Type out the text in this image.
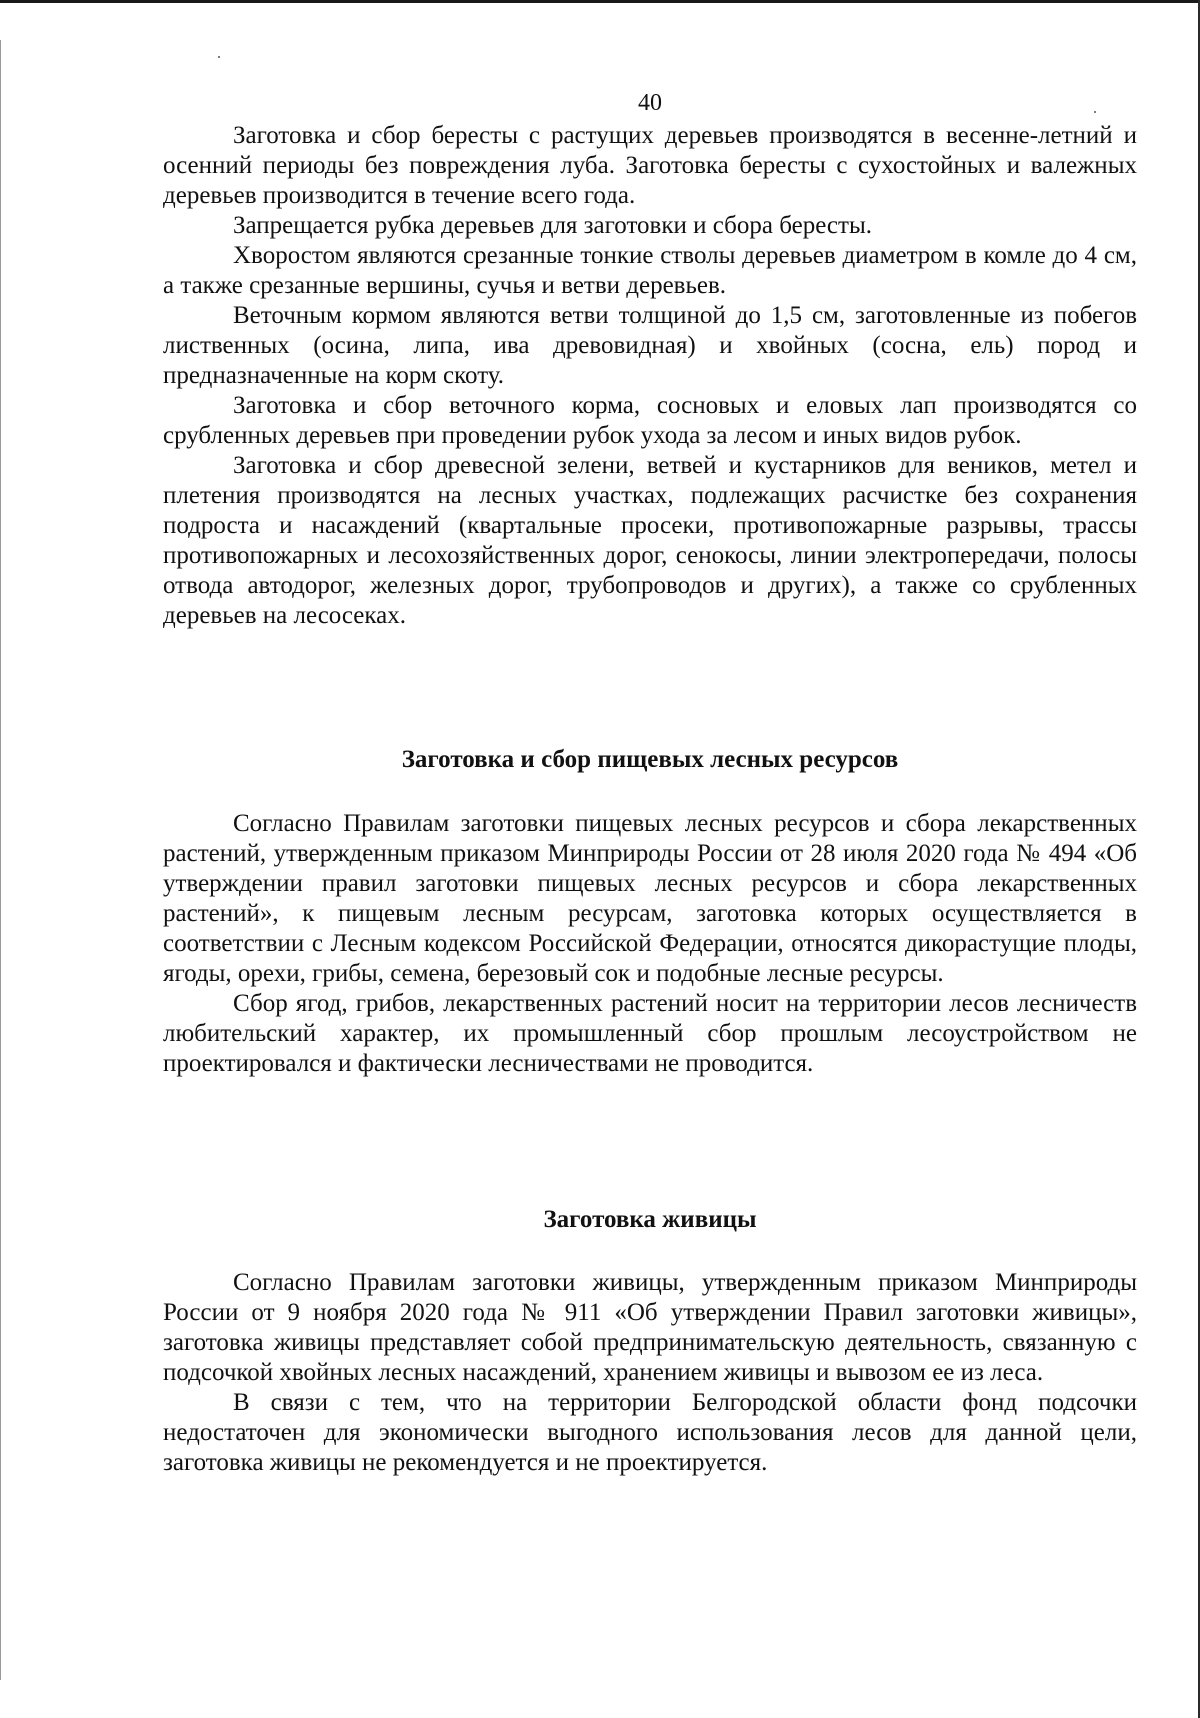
40

Заготовка и сбор бересты с растущих деревьев производятся в весенне-летний и осенний периоды без повреждения луба. Заготовка бересты с сухостойных и валежных деревьев производится в течение всего года.

Запрещается рубка деревьев для заготовки и сбора бересты.

Хворостом являются срезанные тонкие стволы деревьев диаметром в комле до 4 см, а также срезанные вершины, сучья и ветви деревьев.

Веточным кормом являются ветви толщиной до 1,5 см, заготовленные из побегов лиственных (осина, липа, ива древовидная) и хвойных (сосна, ель) пород и предназначенные на корм скоту.

Заготовка и сбор веточного корма, сосновых и еловых лап производятся со срубленных деревьев при проведении рубок ухода за лесом и иных видов рубок.

Заготовка и сбор древесной зелени, ветвей и кустарников для веников, метел и плетения производятся на лесных участках, подлежащих расчистке без сохранения подроста и насаждений (квартальные просеки, противопожарные разрывы, трассы противопожарных и лесохозяйственных дорог, сенокосы, линии электропередачи, полосы отвода автодорог, железных дорог, трубопроводов и других), а также со срубленных деревьев на лесосеках.

Заготовка и сбор пищевых лесных ресурсов

Согласно Правилам заготовки пищевых лесных ресурсов и сбора лекарственных растений, утвержденным приказом Минприроды России от 28 июля 2020 года № 494 «Об утверждении правил заготовки пищевых лесных ресурсов и сбора лекарственных растений», к пищевым лесным ресурсам, заготовка которых осуществляется в соответствии с Лесным кодексом Российской Федерации, относятся дикорастущие плоды, ягоды, орехи, грибы, семена, березовый сок и подобные лесные ресурсы.

Сбор ягод, грибов, лекарственных растений носит на территории лесов лесничеств любительский характер, их промышленный сбор прошлым лесоустройством не проектировался и фактически лесничествами не проводится.

Заготовка живицы

Согласно Правилам заготовки живицы, утвержденным приказом Минприроды России от 9 ноября 2020 года № 911 «Об утверждении Правил заготовки живицы», заготовка живицы представляет собой предпринимательскую деятельность, связанную с подсочкой хвойных лесных насаждений, хранением живицы и вывозом ее из леса.

В связи с тем, что на территории Белгородской области фонд подсочки недостаточен для экономически выгодного использования лесов для данной цели, заготовка живицы не рекомендуется и не проектируется.
